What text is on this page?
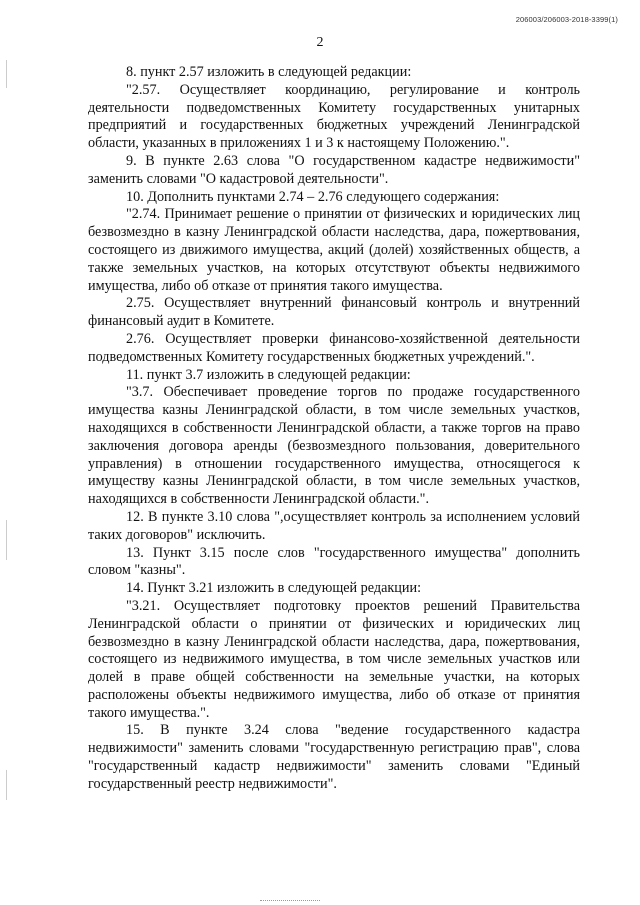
206003/206003-2018-3399(1)
2

8. пункт 2.57 изложить в следующей редакции:

"2.57. Осуществляет координацию, регулирование и контроль деятельности подведомственных Комитету государственных унитарных предприятий и государственных бюджетных учреждений Ленинградской области, указанных в приложениях 1 и 3 к настоящему Положению.".

9. В пункте 2.63 слова "О государственном кадастре недвижимости" заменить словами "О кадастровой деятельности".

10. Дополнить пунктами 2.74 – 2.76 следующего содержания:

"2.74. Принимает решение о принятии от физических и юридических лиц безвозмездно в казну Ленинградской области наследства, дара, пожертвования, состоящего из движимого имущества, акций (долей) хозяйственных обществ, а также земельных участков, на которых отсутствуют объекты недвижимого имущества, либо об отказе от принятия такого имущества.

2.75. Осуществляет внутренний финансовый контроль и внутренний финансовый аудит в Комитете.

2.76. Осуществляет проверки финансово-хозяйственной деятельности подведомственных Комитету государственных бюджетных учреждений.".

11. пункт 3.7 изложить в следующей редакции:

"3.7. Обеспечивает проведение торгов по продаже государственного имущества казны Ленинградской области, в том числе земельных участков, находящихся в собственности Ленинградской области, а также торгов на право заключения договора аренды (безвозмездного пользования, доверительного управления) в отношении государственного имущества, относящегося к имуществу казны Ленинградской области, в том числе земельных участков, находящихся в собственности Ленинградской области.".

12. В пункте 3.10 слова ",осуществляет контроль за исполнением условий таких договоров" исключить.

13. Пункт 3.15 после слов "государственного имущества" дополнить словом "казны".

14. Пункт 3.21 изложить в следующей редакции:

"3.21. Осуществляет подготовку проектов решений Правительства Ленинградской области о принятии от физических и юридических лиц безвозмездно в казну Ленинградской области наследства, дара, пожертвования, состоящего из недвижимого имущества, в том числе земельных участков или долей в праве общей собственности на земельные участки, на которых расположены объекты недвижимого имущества, либо об отказе от принятия такого имущества.".

15. В пункте 3.24 слова "ведение государственного кадастра недвижимости" заменить словами "государственную регистрацию прав", слова "государственный кадастр недвижимости" заменить словами "Единый государственный реестр недвижимости".
